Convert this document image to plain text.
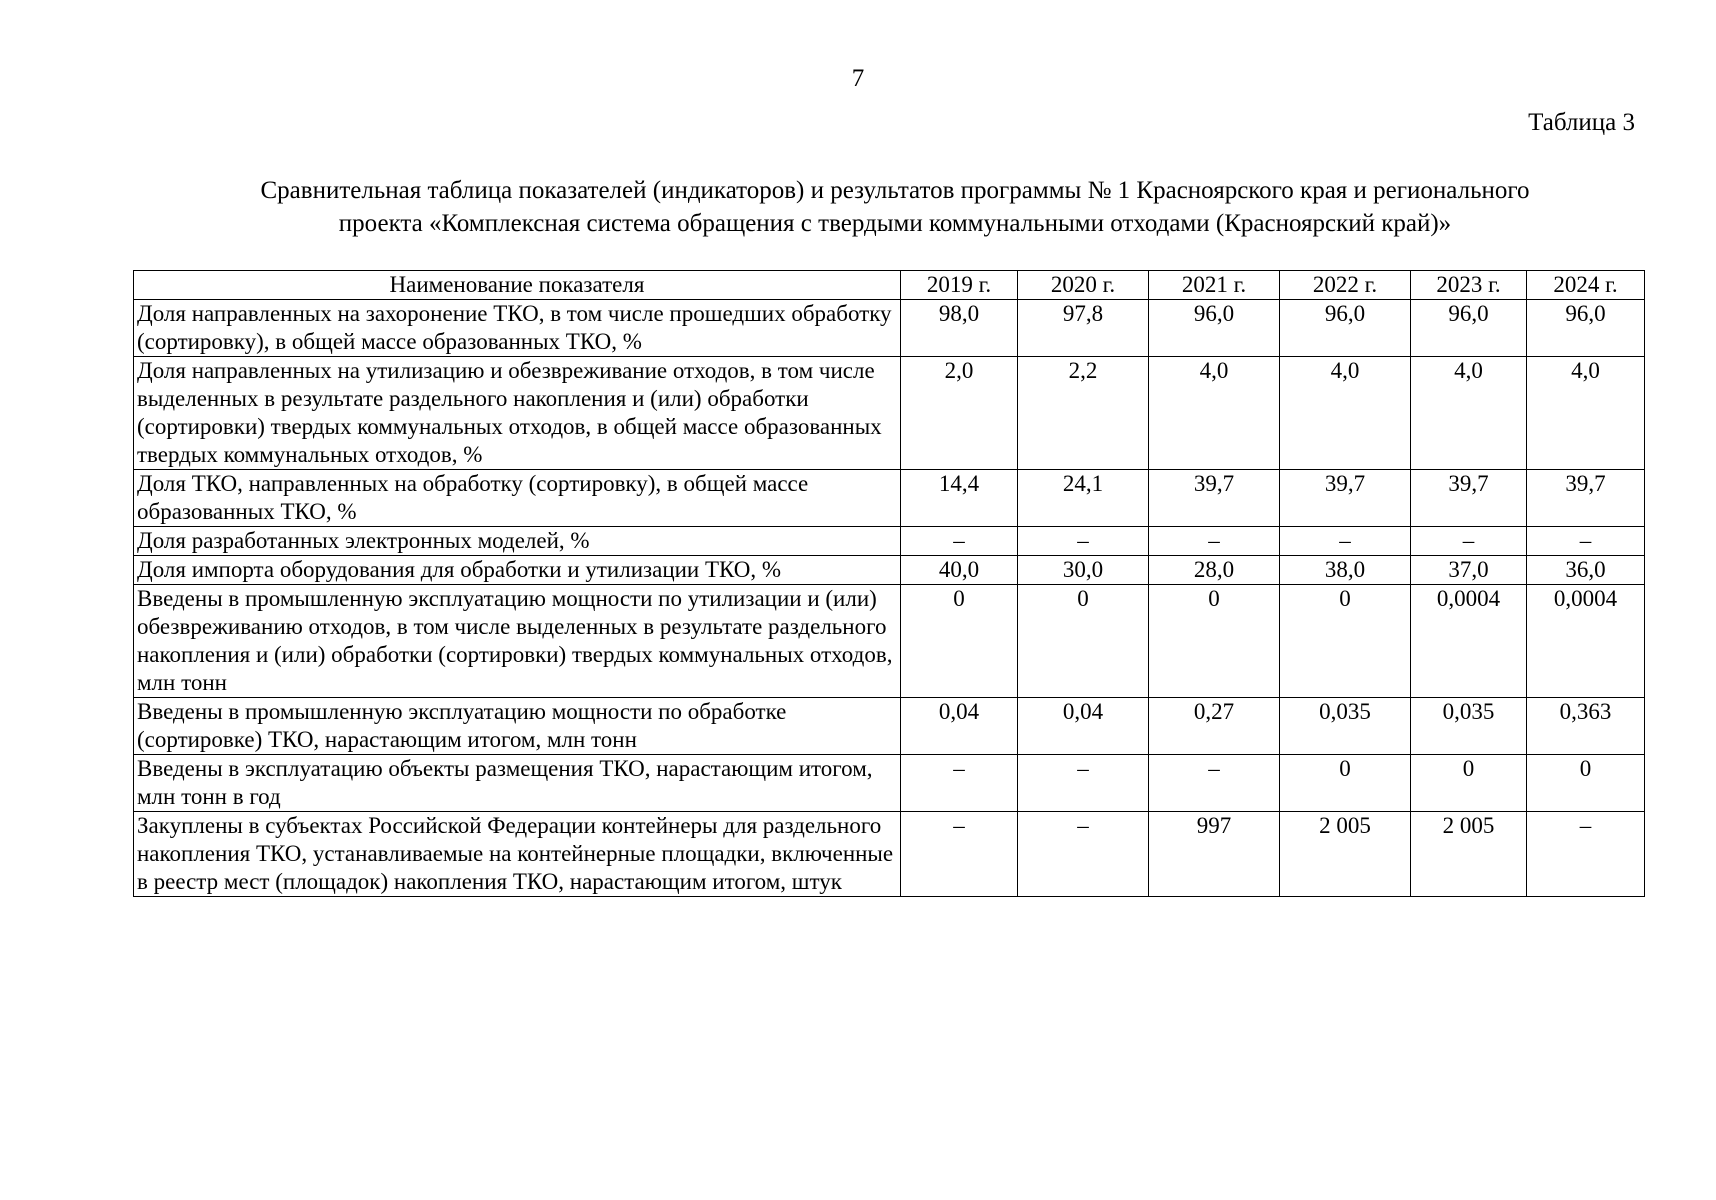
7
Таблица 3
Сравнительная таблица показателей (индикаторов) и результатов программы № 1 Красноярского края и регионального
проекта «Комплексная система обращения с твердыми коммунальными отходами (Красноярский край)»
Наименование показателя	2019 г.	2020 г.	2021 г.	2022 г.	2023 г.	2024 г.
Доля направленных на захоронение ТКО, в том числе прошедших обработку (сортировку), в общей массе образованных ТКО, %	98,0	97,8	96,0	96,0	96,0	96,0
Доля направленных на утилизацию и обезвреживание отходов, в том числе выделенных в результате раздельного накопления и (или) обработки (сортировки) твердых коммунальных отходов, в общей массе образованных твердых коммунальных отходов, %	2,0	2,2	4,0	4,0	4,0	4,0
Доля ТКО, направленных на обработку (сортировку), в общей массе образованных ТКО, %	14,4	24,1	39,7	39,7	39,7	39,7
Доля разработанных электронных моделей, %	–	–	–	–	–	–
Доля импорта оборудования для обработки и утилизации ТКО, %	40,0	30,0	28,0	38,0	37,0	36,0
Введены в промышленную эксплуатацию мощности по утилизации и (или) обезвреживанию отходов, в том числе выделенных в результате раздельного накопления и (или) обработки (сортировки) твердых коммунальных отходов, млн тонн	0	0	0	0	0,0004	0,0004
Введены в промышленную эксплуатацию мощности по обработке (сортировке) ТКО, нарастающим итогом, млн тонн	0,04	0,04	0,27	0,035	0,035	0,363
Введены в эксплуатацию объекты размещения ТКО, нарастающим итогом, млн тонн в год	–	–	–	0	0	0
Закуплены в субъектах Российской Федерации контейнеры для раздельного накопления ТКО, устанавливаемые на контейнерные площадки, включенные в реестр мест (площадок) накопления ТКО, нарастающим итогом, штук	–	–	997	2 005	2 005	–
